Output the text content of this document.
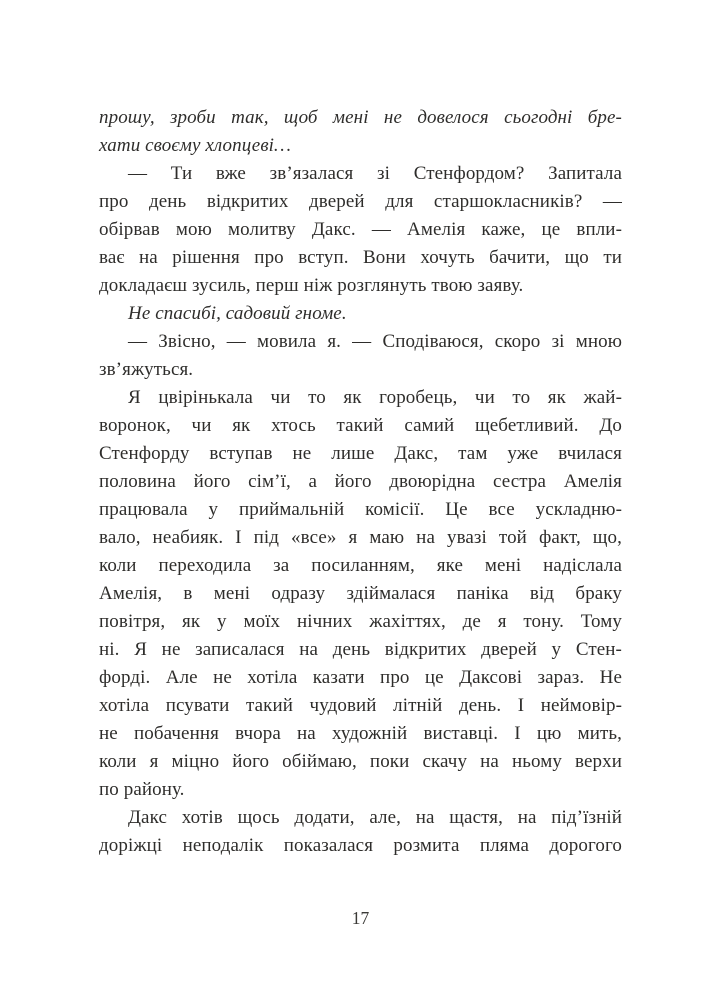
прошу, зроби так, щоб мені не довелося сьогодні бре-
хати своєму хлопцеві…
— Ти вже зв’язалася зі Стенфордом? Запитала
про день відкритих дверей для старшокласників? —
обірвав мою молитву Дакс. — Амелія каже, це впли-
ває на рішення про вступ. Вони хочуть бачити, що ти
докладаєш зусиль, перш ніж розглянуть твою заяву.
Не спасибі, садовий гноме.
— Звісно, — мовила я. — Сподіваюся, скоро зі мною
зв’яжуться.
Я цвірінькала чи то як горобець, чи то як жай-
воронок, чи як хтось такий самий щебетливий. До
Стенфорду вступав не лише Дакс, там уже вчилася
половина його сім’ї, а його двоюрідна сестра Амелія
працювала у приймальній комісії. Це все ускладню-
вало, неабияк. І під «все» я маю на увазі той факт, що,
коли переходила за посиланням, яке мені надіслала
Амелія, в мені одразу здіймалася паніка від браку
повітря, як у моїх нічних жахіттях, де я тону. Тому
ні. Я не записалася на день відкритих дверей у Стен-
форді. Але не хотіла казати про це Даксові зараз. Не
хотіла псувати такий чудовий літній день. І неймовір-
не побачення вчора на художній виставці. І цю мить,
коли я міцно його обіймаю, поки скачу на ньому верхи
по району.
Дакс хотів щось додати, але, на щастя, на під’їзній
доріжці неподалік показалася розмита пляма дорогого
17
